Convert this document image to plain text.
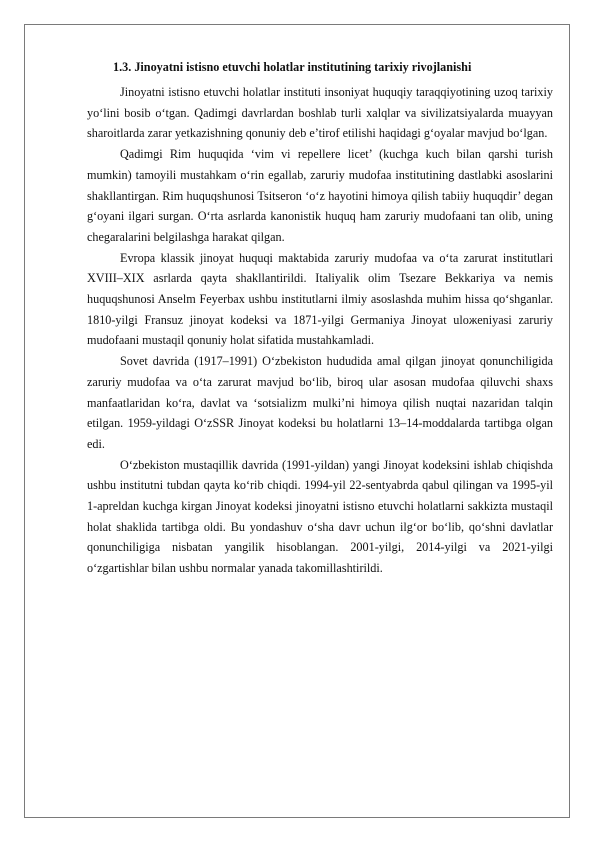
1.3. Jinoyatni istisno etuvchi holatlar institutining tarixiy rivojlanishi

Jinoyatni istisno etuvchi holatlar instituti insoniyat huquqiy taraqqiyotining uzoq tarixiy yo‘lini bosib o‘tgan. Qadimgi davrlardan boshlab turli xalqlar va sivilizatsiyalarda muayyan sharoitlarda zarar yetkazishning qonuniy deb e’tirof etilishi haqidagi g‘oyalar mavjud bo‘lgan.

Qadimgi Rim huquqida ‘vim vi repellere licet’ (kuchga kuch bilan qarshi turish mumkin) tamoyili mustahkam o‘rin egallab, zaruriy mudofaa institutining dastlabki asoslarini shakllantirgan. Rim huquqshunosi Tsitseron ‘o‘z hayotini himoya qilish tabiiy huquqdir’ degan g‘oyani ilgari surgan. O‘rta asrlarda kanonistik huquq ham zaruriy mudofaani tan olib, uning chegaralarini belgilashga harakat qilgan.

Evropa klassik jinoyat huquqi maktabida zaruriy mudofaa va o‘ta zarurat institutlari XVIII–XIX asrlarda qayta shakllantirildi. Italiyalik olim Tsezare Bekkariya va nemis huquqshunosi Anselm Feyerbax ushbu institutlarni ilmiy asoslashda muhim hissa qo‘shganlar. 1810-yilgi Fransuz jinoyat kodeksi va 1871-yilgi Germaniya Jinoyat uloжeniyasi zaruriy mudofaani mustaqil qonuniy holat sifatida mustahkamladi.

Sovet davrida (1917–1991) O‘zbekiston hududida amal qilgan jinoyat qonunchiligida zaruriy mudofaa va o‘ta zarurat mavjud bo‘lib, biroq ular asosan mudofaa qiluvchi shaxs manfaatlaridan ko‘ra, davlat va ‘sotsializm mulki’ni himoya qilish nuqtai nazaridan talqin etilgan. 1959-yildagi O‘zSSR Jinoyat kodeksi bu holatlarni 13–14-moddalarda tartibga olgan edi.

O‘zbekiston mustaqillik davrida (1991-yildan) yangi Jinoyat kodeksini ishlab chiqishda ushbu institutni tubdan qayta ko‘rib chiqdi. 1994-yil 22-sentyabrda qabul qilingan va 1995-yil 1-apreldan kuchga kirgan Jinoyat kodeksi jinoyatni istisno etuvchi holatlarni sakkizta mustaqil holat shaklida tartibga oldi. Bu yondashuv o‘sha davr uchun ilg‘or bo‘lib, qo‘shni davlatlar qonunchiligiga nisbatan yangilik hisoblangan. 2001-yilgi, 2014-yilgi va 2021-yilgi o‘zgartishlar bilan ushbu normalar yanada takomillashtirildi.
